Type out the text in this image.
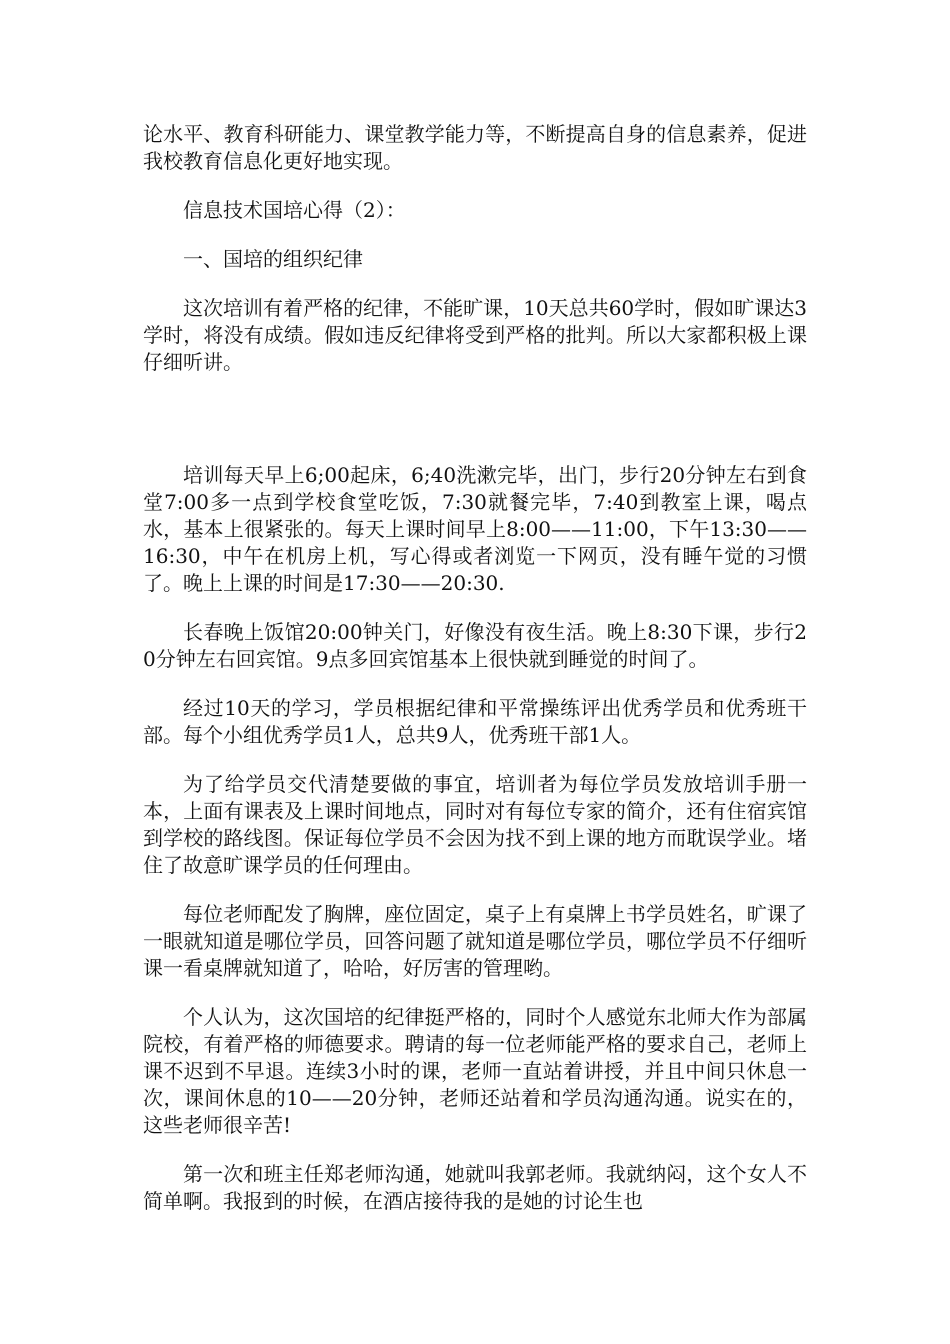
论水平、教育科研能力、课堂教学能力等，不断提高自身的信息素养，促进我校教育信息化更好地实现。

信息技术国培心得（2）：

一、国培的组织纪律

这次培训有着严格的纪律，不能旷课，10天总共60学时，假如旷课达3学时，将没有成绩。假如违反纪律将受到严格的批判。所以大家都积极上课仔细听讲。

培训每天早上6;00起床，6;40洗漱完毕，出门，步行20分钟左右到食堂7:00多一点到学校食堂吃饭，7:30就餐完毕，7:40到教室上课，喝点水，基本上很紧张的。每天上课时间早上8:00——11:00，下午13:30——16:30，中午在机房上机，写心得或者浏览一下网页，没有睡午觉的习惯了。晚上上课的时间是17:30——20:30.

长春晚上饭馆20:00钟关门，好像没有夜生活。晚上8:30下课，步行20分钟左右回宾馆。9点多回宾馆基本上很快就到睡觉的时间了。

经过10天的学习，学员根据纪律和平常操练评出优秀学员和优秀班干部。每个小组优秀学员1人，总共9人，优秀班干部1人。

为了给学员交代清楚要做的事宜，培训者为每位学员发放培训手册一本，上面有课表及上课时间地点，同时对有每位专家的简介，还有住宿宾馆到学校的路线图。保证每位学员不会因为找不到上课的地方而耽误学业。堵住了故意旷课学员的任何理由。

每位老师配发了胸牌，座位固定，桌子上有桌牌上书学员姓名，旷课了一眼就知道是哪位学员，回答问题了就知道是哪位学员，哪位学员不仔细听课一看桌牌就知道了，哈哈，好厉害的管理哟。

个人认为，这次国培的纪律挺严格的，同时个人感觉东北师大作为部属院校，有着严格的师德要求。聘请的每一位老师能严格的要求自己，老师上课不迟到不早退。连续3小时的课，老师一直站着讲授，并且中间只休息一次，课间休息的10——20分钟，老师还站着和学员沟通沟通。说实在的，这些老师很辛苦!

第一次和班主任郑老师沟通，她就叫我郭老师。我就纳闷，这个女人不简单啊。我报到的时候，在酒店接待我的是她的讨论生也
